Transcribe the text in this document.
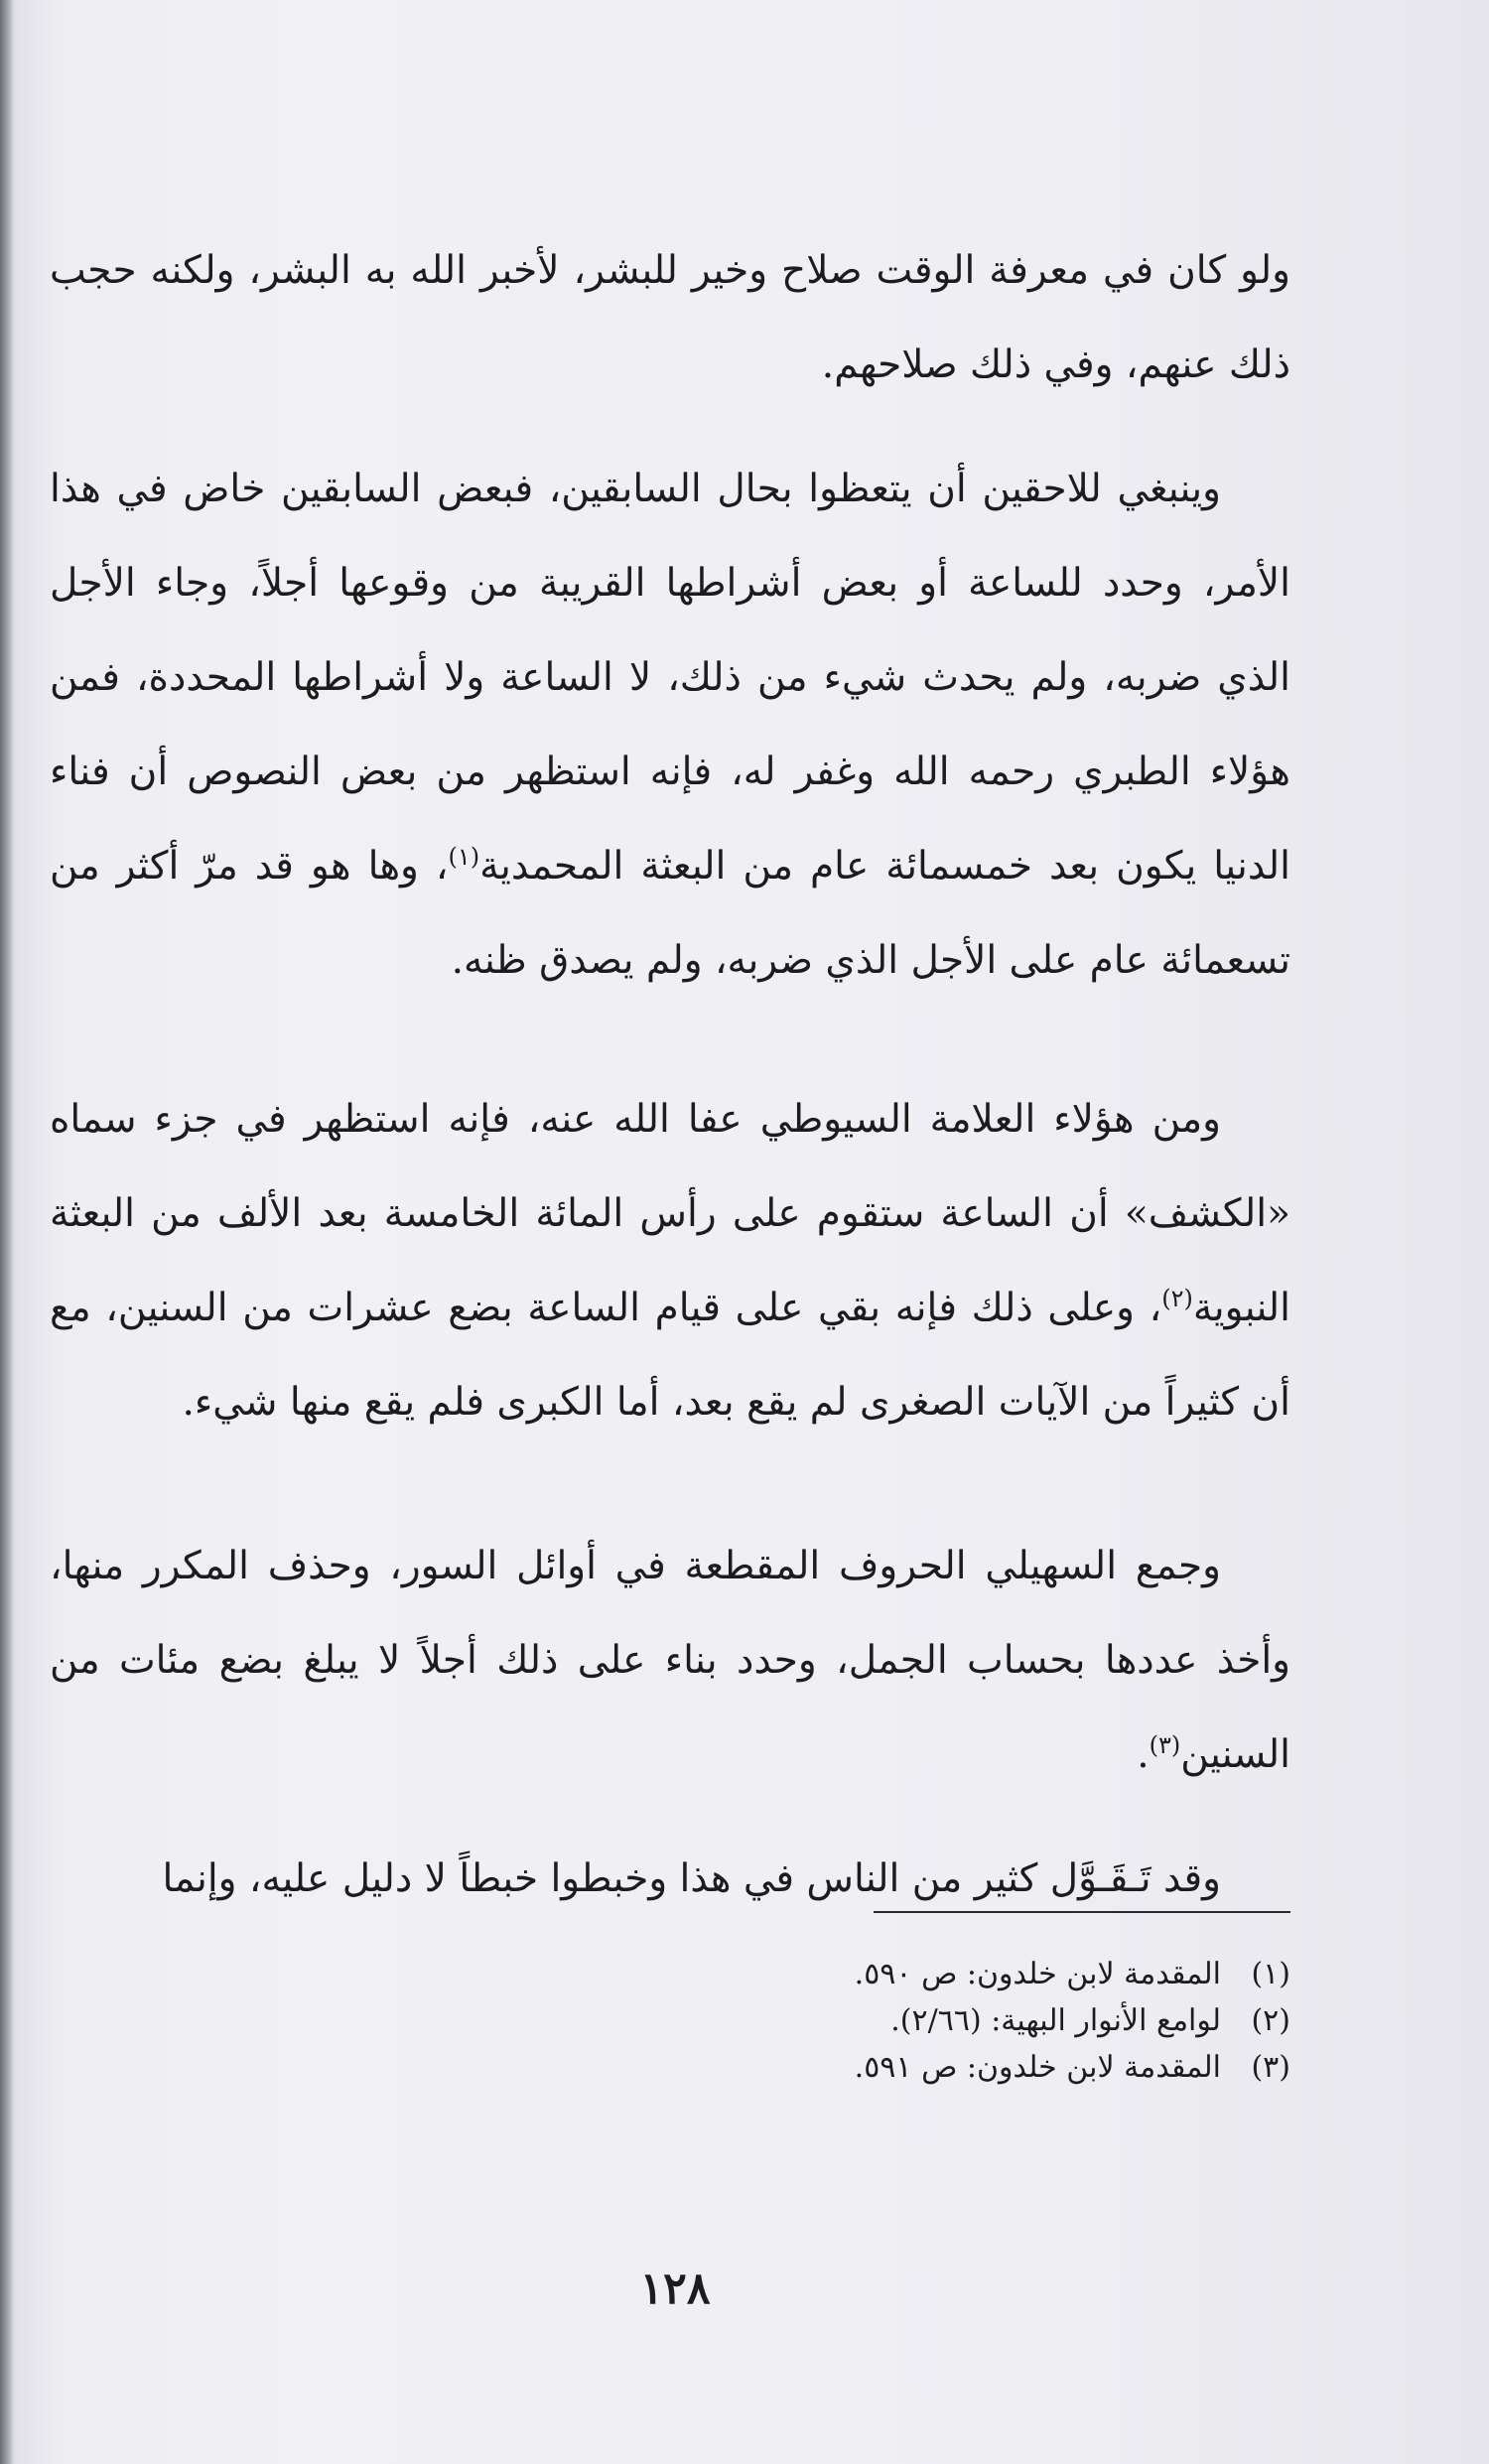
ولو كان في معرفة الوقت صلاح وخير للبشر، لأخبر الله به البشر، ولكنه حجب ذلك عنهم، وفي ذلك صلاحهم.

وينبغي للاحقين أن يتعظوا بحال السابقين، فبعض السابقين خاض في هذا الأمر، وحدد للساعة أو بعض أشراطها القريبة من وقوعها أجلاً، وجاء الأجل الذي ضربه، ولم يحدث شيء من ذلك، لا الساعة ولا أشراطها المحددة، فمن هؤلاء الطبري رحمه الله وغفر له، فإنه استظهر من بعض النصوص أن فناء الدنيا يكون بعد خمسمائة عام من البعثة المحمدية$^{(١)}$، وها هو قد مرّ أكثر من تسعمائة عام على الأجل الذي ضربه، ولم يصدق ظنه.

ومن هؤلاء العلامة السيوطي عفا الله عنه، فإنه استظهر في جزء سماه «الكشف» أن الساعة ستقوم على رأس المائة الخامسة بعد الألف من البعثة النبوية$^{(٢)}$، وعلى ذلك فإنه بقي على قيام الساعة بضع عشرات من السنين، مع أن كثيراً من الآيات الصغرى لم يقع بعد، أما الكبرى فلم يقع منها شيء.

وجمع السهيلي الحروف المقطعة في أوائل السور، وحذف المكرر منها، وأخذ عددها بحساب الجمل، وحدد بناء على ذلك أجلاً لا يبلغ بضع مئات من السنين$^{(٣)}$.

وقد تَـقَـوَّل كثير من الناس في هذا وخبطوا خبطاً لا دليل عليه، وإنما

(١)المقدمة لابن خلدون: ص ٥٩٠.
(٢)لوامع الأنوار البهية: (٢/٦٦).
(٣)المقدمة لابن خلدون: ص ٥٩١.
١٢٨
